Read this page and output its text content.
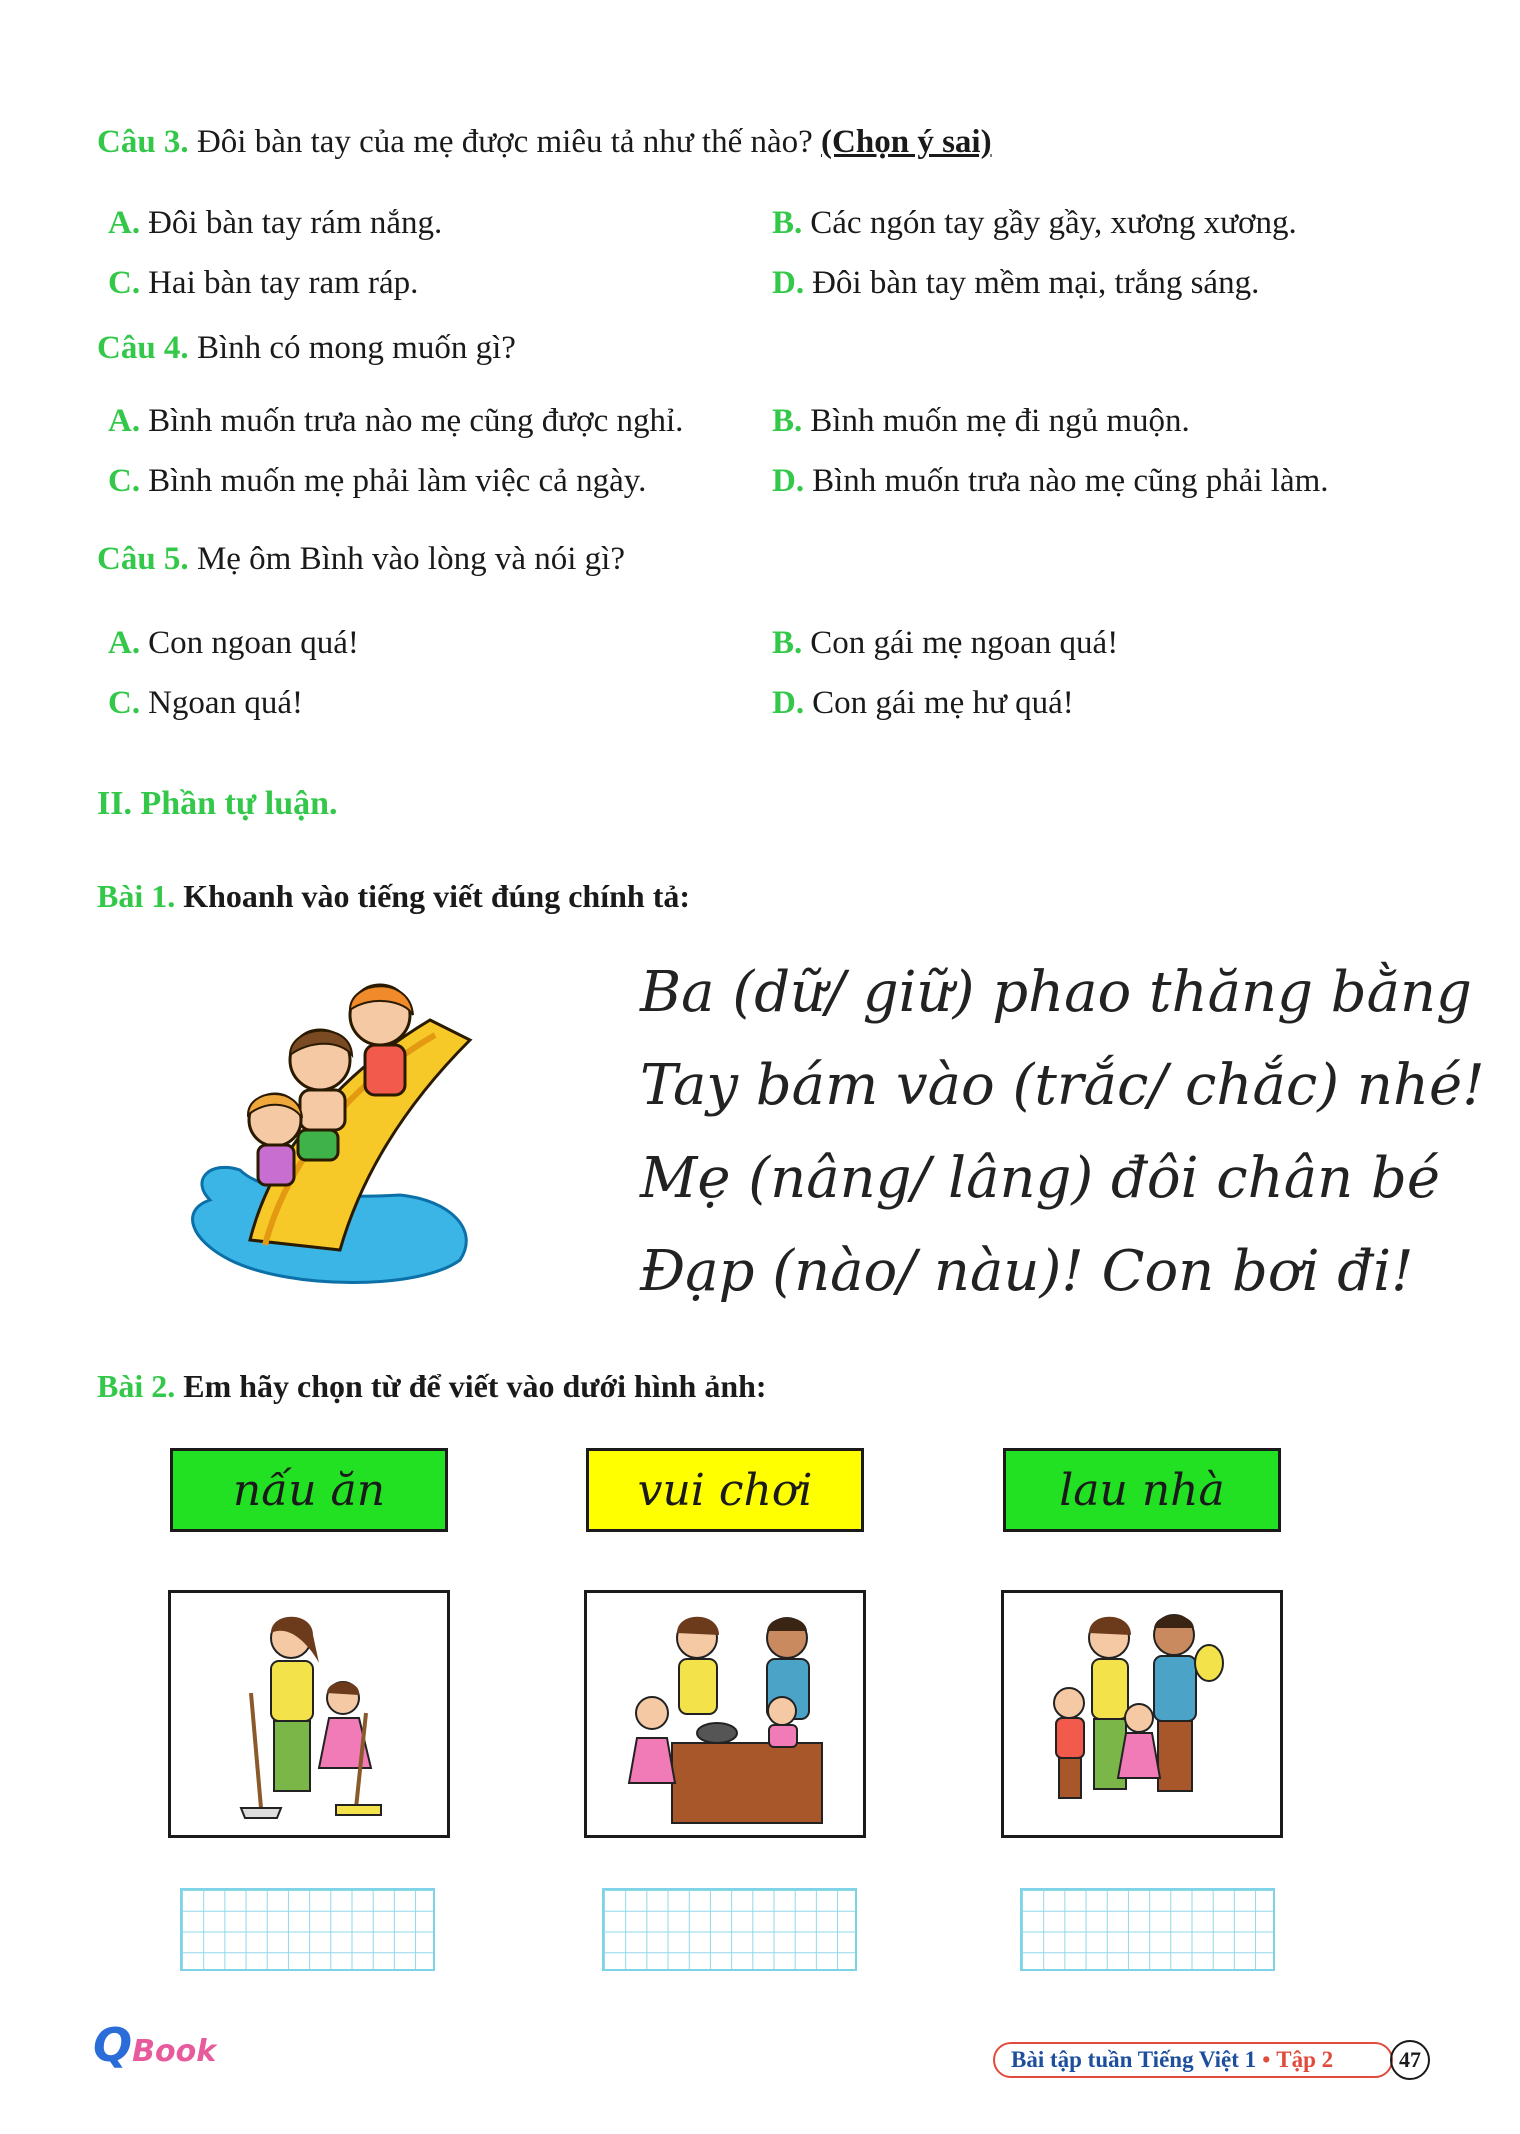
Câu 3. Đôi bàn tay của mẹ được miêu tả như thế nào? (Chọn ý sai)
A. Đôi bàn tay rám nắng.	B. Các ngón tay gầy gầy, xương xương.
C. Hai bàn tay ram ráp.	D. Đôi bàn tay mềm mại, trắng sáng.
Câu 4. Bình có mong muốn gì?
A. Bình muốn trưa nào mẹ cũng được nghỉ.	B. Bình muốn mẹ đi ngủ muộn.
C. Bình muốn mẹ phải làm việc cả ngày.	D. Bình muốn trưa nào mẹ cũng phải làm.
Câu 5. Mẹ ôm Bình vào lòng và nói gì?
A. Con ngoan quá!	B. Con gái mẹ ngoan quá!
C. Ngoan quá!	D. Con gái mẹ hư quá!
II. Phần tự luận.
Bài 1. Khoanh vào tiếng viết đúng chính tả:
Ba (dữ/ giữ) phao thăng bằng
Tay bám vào (trắc/ chắc) nhé!
Mẹ (nâng/ lâng) đôi chân bé
Đạp (nào/ nàu)! Con bơi đi!
Bài 2. Em hãy chọn từ để viết vào dưới hình ảnh:
nấu ăn	vui chơi	lau nhà
QBook	Bài tập tuần Tiếng Việt 1 • Tập 2	47
